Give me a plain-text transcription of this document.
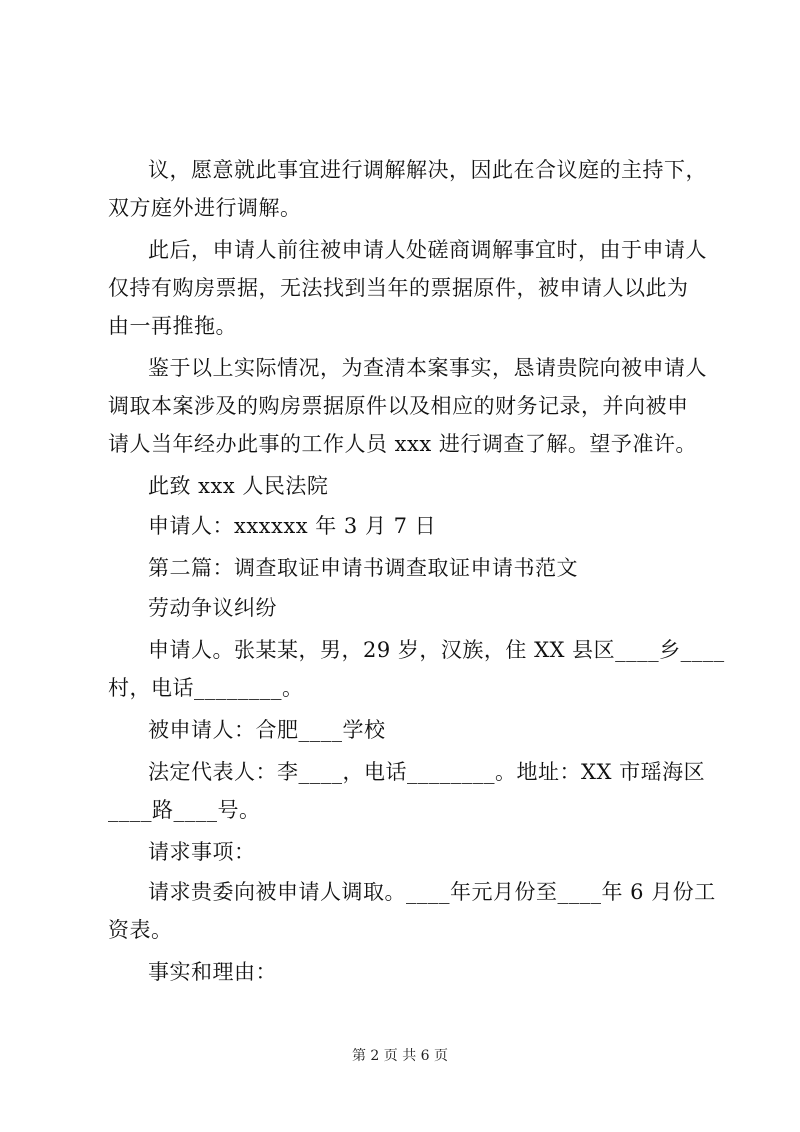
议，愿意就此事宜进行调解解决，因此在合议庭的主持下，
双方庭外进行调解。
此后，申请人前往被申请人处磋商调解事宜时，由于申请人
仅持有购房票据，无法找到当年的票据原件，被申请人以此为
由一再推拖。
鉴于以上实际情况，为查清本案事实，恳请贵院向被申请人
调取本案涉及的购房票据原件以及相应的财务记录，并向被申
请人当年经办此事的工作人员 xxx 进行调查了解。望予准许。
此致 xxx 人民法院
申请人：xxxxxx 年 3 月 7 日
第二篇：调查取证申请书调查取证申请书范文
劳动争议纠纷
申请人。张某某，男，29 岁，汉族，住 XX 县区____乡____
村，电话________。
被申请人：合肥____学校
法定代表人：李____，电话________。地址：XX 市瑶海区
____路____号。
请求事项：
请求贵委向被申请人调取。____年元月份至____年 6 月份工
资表。
事实和理由：
第 2 页 共 6 页
